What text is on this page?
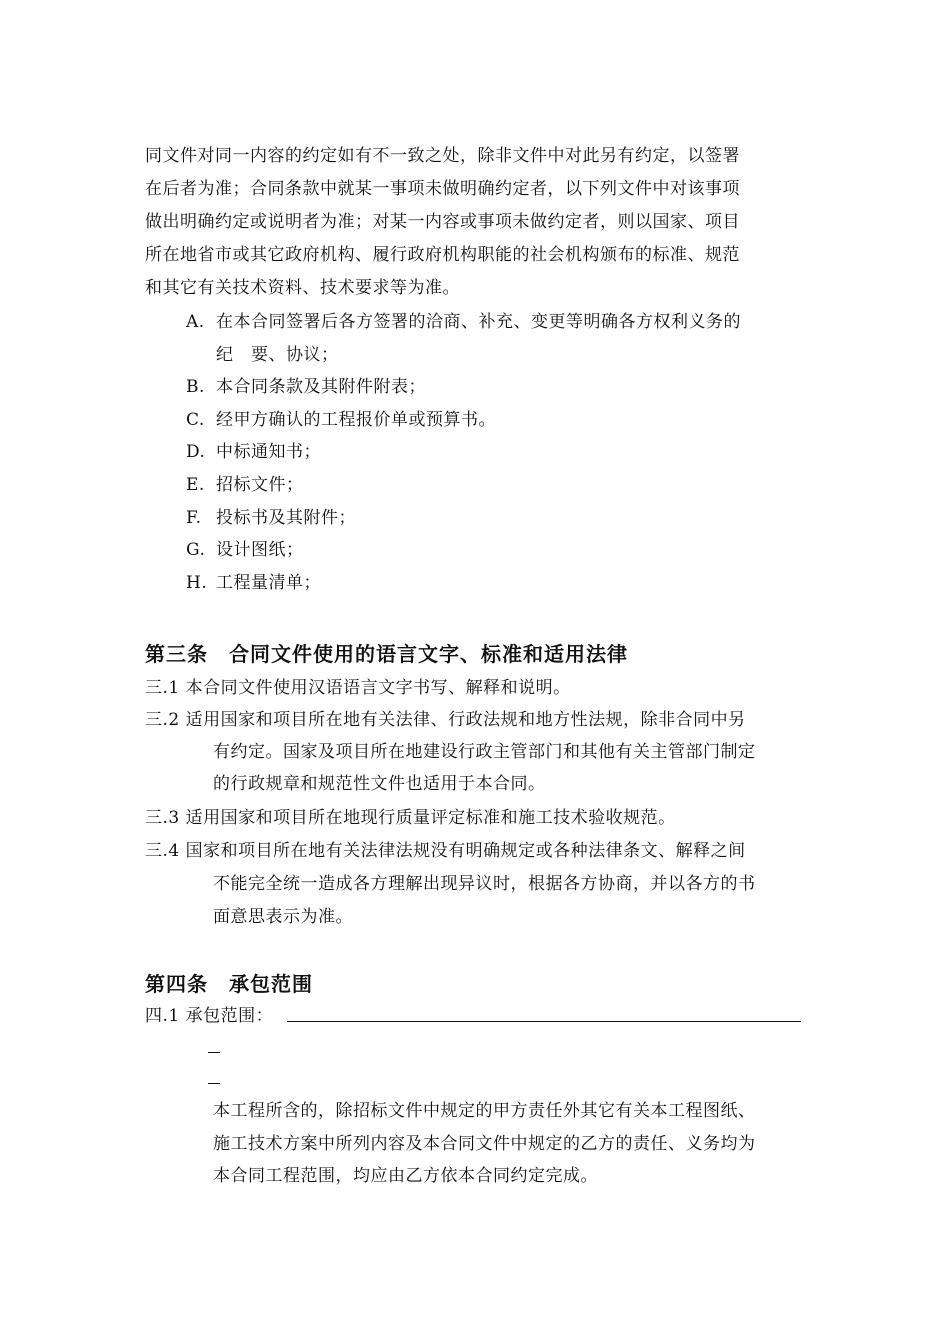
同文件对同一内容的约定如有不一致之处，除非文件中对此另有约定，以签署
在后者为准；合同条款中就某一事项未做明确约定者，以下列文件中对该事项
做出明确约定或说明者为准；对某一内容或事项未做约定者，则以国家、项目
所在地省市或其它政府机构、履行政府机构职能的社会机构颁布的标准、规范
和其它有关技术资料、技术要求等为准。
A. 在本合同签署后各方签署的洽商、补充、变更等明确各方权利义务的
纪　要、协议；
B. 本合同条款及其附件附表；
C. 经甲方确认的工程报价单或预算书。
D. 中标通知书；
E. 招标文件；
F. 投标书及其附件；
G. 设计图纸；
H. 工程量清单；
第三条　合同文件使用的语言文字、标准和适用法律
三.1 本合同文件使用汉语语言文字书写、解释和说明。
三.2 适用国家和项目所在地有关法律、行政法规和地方性法规，除非合同中另
有约定。国家及项目所在地建设行政主管部门和其他有关主管部门制定
的行政规章和规范性文件也适用于本合同。
三.3 适用国家和项目所在地现行质量评定标准和施工技术验收规范。
三.4 国家和项目所在地有关法律法规没有明确规定或各种法律条文、解释之间
不能完全统一造成各方理解出现异议时，根据各方协商，并以各方的书
面意思表示为准。
第四条　承包范围
四.1 承包范围：
本工程所含的，除招标文件中规定的甲方责任外其它有关本工程图纸、
施工技术方案中所列内容及本合同文件中规定的乙方的责任、义务均为
本合同工程范围，均应由乙方依本合同约定完成。
